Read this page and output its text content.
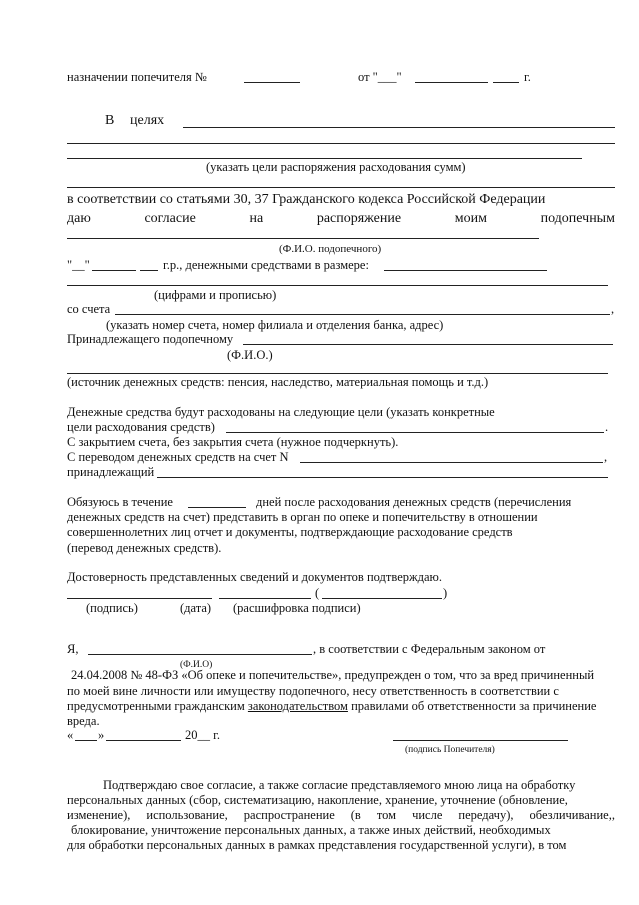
назначении попечителя №	от "___"	г.
В целях
(указать цели распоряжения расходования сумм)
в соответствии со статьями 30, 37 Гражданского кодекса Российской Федерации
даю	согласие	на	распоряжение	моим	подопечным
(Ф.И.О. подопечного)
"__"	г.р., денежными средствами в размере:
(цифрами и прописью)
со счета	,
(указать номер счета, номер филиала и отделения банка, адрес)
Принадлежащего подопечному
(Ф.И.О.)
(источник денежных средств: пенсия, наследство, материальная помощь и т.д.)
Денежные средства будут расходованы на следующие цели (указать конкретные
цели расходования средств)	.
С закрытием счета, без закрытия счета (нужное подчеркнуть).
С переводом денежных средств на счет N	,
принадлежащий
Обязуюсь в течение	дней после расходования денежных средств (перечисления
денежных средств на счет) представить в орган по опеке и попечительству в отношении
совершеннолетних лиц отчет и документы, подтверждающие расходование средств
(перевод денежных средств).
Достоверность представленных сведений и документов подтверждаю.
(	)
(подпись)	(дата) (расшифровка подписи)
Я,	, в соответствии с Федеральным законом от
(Ф.И.О)
24.04.2008 № 48-ФЗ «Об опеке и попечительстве», предупрежден о том, что за вред причиненный
по моей вине личности или имуществу подопечного, несу ответственность в соответствии с
предусмотренными гражданским законодательством правилами об ответственности за причинение
вреда.
« »	20__ г.
(подпись Попечителя)
Подтверждаю свое согласие, а также согласие представляемого мною лица на обработку
персональных данных (сбор, систематизацию, накопление, хранение, уточнение (обновление,
изменение), использование, распространение (в том числе передачу), обезличивание,,
блокирование, уничтожение персональных данных, а также иных действий, необходимых
для обработки персональных данных в рамках представления государственной услуги), в том
